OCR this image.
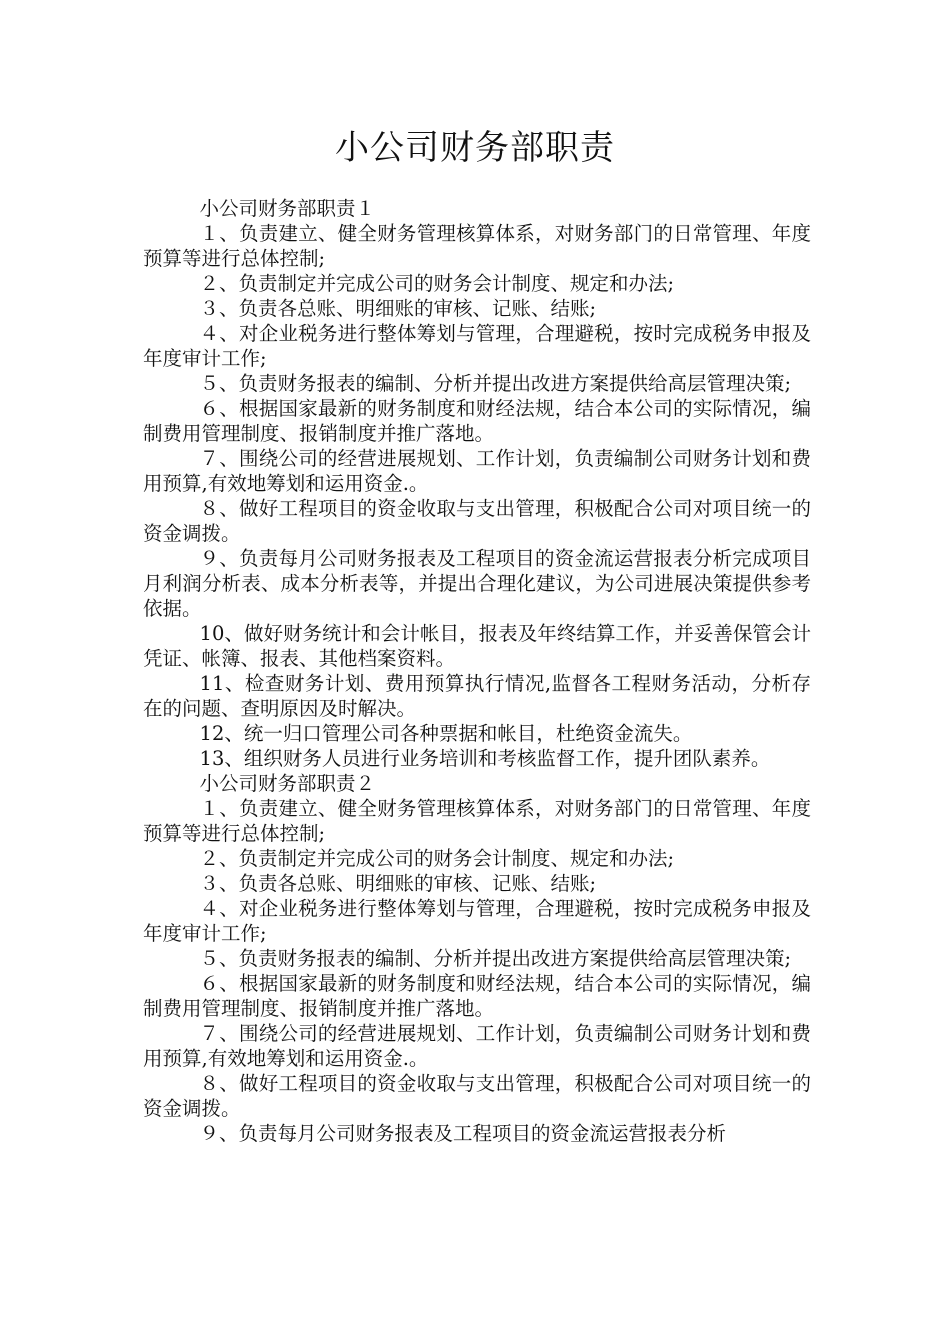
小公司财务部职责

小公司财务部职责１

１、负责建立、健全财务管理核算体系，对财务部门的日常管理、年度预算等进行总体控制;

２、负责制定并完成公司的财务会计制度、规定和办法;

３、负责各总账、明细账的审核、记账、结账;

４、对企业税务进行整体筹划与管理，合理避税，按时完成税务申报及年度审计工作;

５、负责财务报表的编制、分析并提出改进方案提供给高层管理决策;

６、根据国家最新的财务制度和财经法规，结合本公司的实际情况，编制费用管理制度、报销制度并推广落地。

７、围绕公司的经营进展规划、工作计划，负责编制公司财务计划和费用预算,有效地筹划和运用资金.。

８、做好工程项目的资金收取与支出管理，积极配合公司对项目统一的资金调拨。

９、负责每月公司财务报表及工程项目的资金流运营报表分析完成项目月利润分析表、成本分析表等，并提出合理化建议，为公司进展决策提供参考依据。

10、做好财务统计和会计帐目，报表及年终结算工作，并妥善保管会计凭证、帐簿、报表、其他档案资料。

11、检查财务计划、费用预算执行情况,监督各工程财务活动，分析存在的问题、查明原因及时解决。

12、统一归口管理公司各种票据和帐目，杜绝资金流失。

13、组织财务人员进行业务培训和考核监督工作，提升团队素养。

小公司财务部职责２

１、负责建立、健全财务管理核算体系，对财务部门的日常管理、年度预算等进行总体控制;

２、负责制定并完成公司的财务会计制度、规定和办法;

３、负责各总账、明细账的审核、记账、结账;

４、对企业税务进行整体筹划与管理，合理避税，按时完成税务申报及年度审计工作;

５、负责财务报表的编制、分析并提出改进方案提供给高层管理决策;

６、根据国家最新的财务制度和财经法规，结合本公司的实际情况，编制费用管理制度、报销制度并推广落地。

７、围绕公司的经营进展规划、工作计划，负责编制公司财务计划和费用预算,有效地筹划和运用资金.。

８、做好工程项目的资金收取与支出管理，积极配合公司对项目统一的资金调拨。

９、负责每月公司财务报表及工程项目的资金流运营报表分析
